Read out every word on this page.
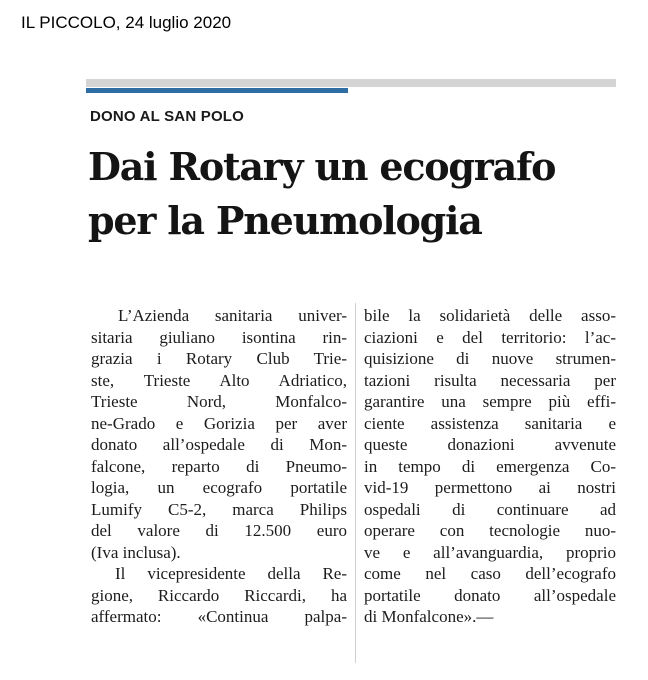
IL PICCOLO, 24 luglio 2020
DONO AL SAN POLO
Dai Rotary un ecografo
per la Pneumologia
L’Azienda sanitaria univer-
sitaria giuliano isontina rin-
grazia i Rotary Club Trie-
ste, Trieste Alto Adriatico,
Trieste Nord, Monfalco-
ne-Grado e Gorizia per aver
donato all’ospedale di Mon-
falcone, reparto di Pneumo-
logia, un ecografo portatile
Lumify C5-2, marca Philips
del valore di 12.500 euro
(Iva inclusa).
Il vicepresidente della Re-
gione, Riccardo Riccardi, ha
affermato: «Continua palpa-
bile la solidarietà delle asso-
ciazioni e del territorio: l’ac-
quisizione di nuove strumen-
tazioni risulta necessaria per
garantire una sempre più effi-
ciente assistenza sanitaria e
queste donazioni avvenute
in tempo di emergenza Co-
vid-19 permettono ai nostri
ospedali di continuare ad
operare con tecnologie nuo-
ve e all’avanguardia, proprio
come nel caso dell’ecografo
portatile donato all’ospedale
di Monfalcone».—
